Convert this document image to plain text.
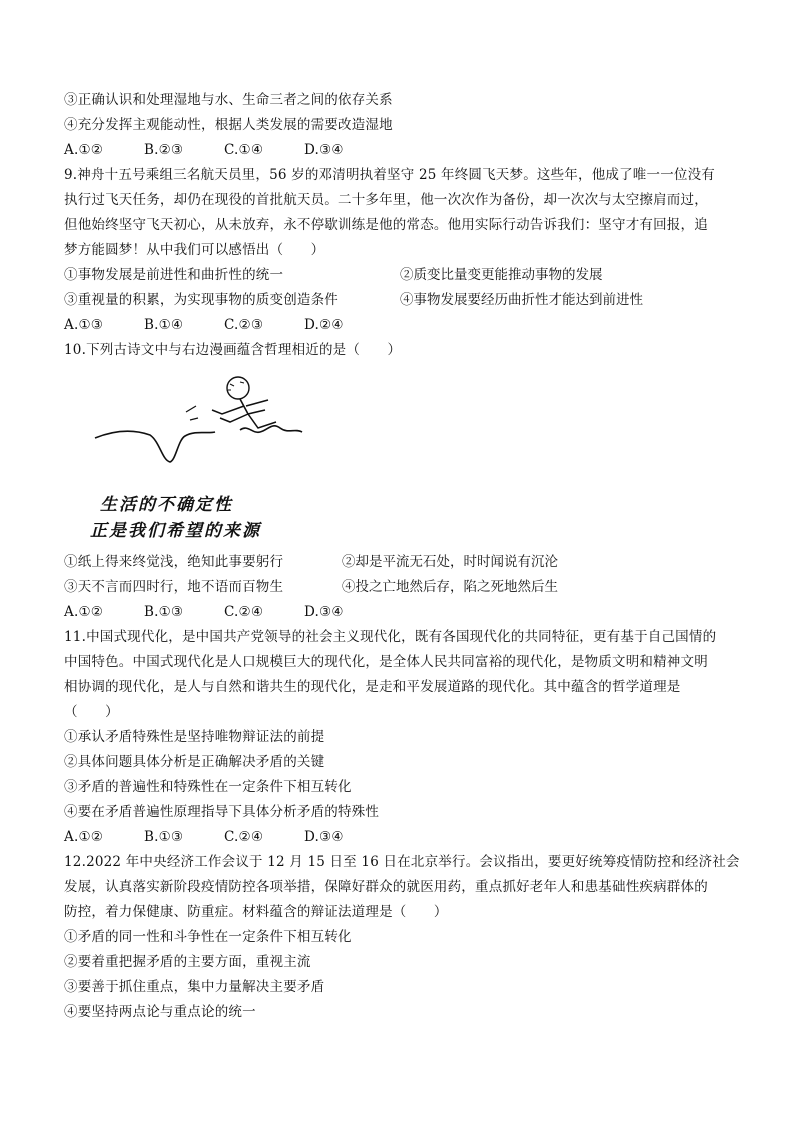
③正确认识和处理湿地与水、生命三者之间的依存关系
④充分发挥主观能动性，根据人类发展的需要改造湿地
A.①②	B.②③	C.①④	D.③④
9.神舟十五号乘组三名航天员里，56 岁的邓清明执着坚守 25 年终圆飞天梦。这些年，他成了唯一一位没有
执行过飞天任务，却仍在现役的首批航天员。二十多年里，他一次次作为备份，却一次次与太空擦肩而过，
但他始终坚守飞天初心，从未放弃，永不停歇训练是他的常态。他用实际行动告诉我们：坚守才有回报，追
梦方能圆梦！从中我们可以感悟出（　　）
①事物发展是前进性和曲折性的统一	②质变比量变更能推动事物的发展
③重视量的积累，为实现事物的质变创造条件	④事物发展要经历曲折性才能达到前进性
A.①③	B.①④	C.②③	D.②④
10.下列古诗文中与右边漫画蕴含哲理相近的是（　　）
生活的不确定性
正是我们希望的来源
①纸上得来终觉浅，绝知此事要躬行	②却是平流无石处，时时闻说有沉沦
③天不言而四时行，地不语而百物生	④投之亡地然后存，陷之死地然后生
A.①②	B.①③	C.②④	D.③④
11.中国式现代化，是中国共产党领导的社会主义现代化，既有各国现代化的共同特征，更有基于自己国情的
中国特色。中国式现代化是人口规模巨大的现代化，是全体人民共同富裕的现代化，是物质文明和精神文明
相协调的现代化，是人与自然和谐共生的现代化，是走和平发展道路的现代化。其中蕴含的哲学道理是
（　　）
①承认矛盾特殊性是坚持唯物辩证法的前提
②具体问题具体分析是正确解决矛盾的关键
③矛盾的普遍性和特殊性在一定条件下相互转化
④要在矛盾普遍性原理指导下具体分析矛盾的特殊性
A.①②	B.①③	C.②④	D.③④
12.2022 年中央经济工作会议于 12 月 15 日至 16 日在北京举行。会议指出，要更好统筹疫情防控和经济社会
发展，认真落实新阶段疫情防控各项举措，保障好群众的就医用药，重点抓好老年人和患基础性疾病群体的
防控，着力保健康、防重症。材料蕴含的辩证法道理是（　　）
①矛盾的同一性和斗争性在一定条件下相互转化
②要着重把握矛盾的主要方面，重视主流
③要善于抓住重点，集中力量解决主要矛盾
④要坚持两点论与重点论的统一
